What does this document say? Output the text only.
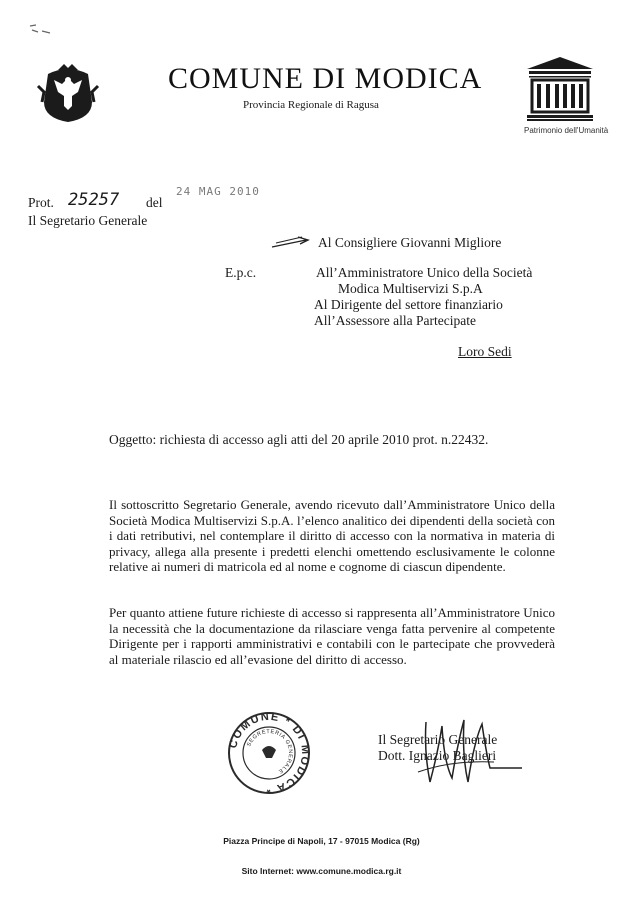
COMUNE DI MODICA
Provincia Regionale di Ragusa
Patrimonio dell'Umanità
Prot. 25257 del
24 MAG 2010
Il Segretario Generale
Al Consigliere Giovanni Migliore
E.p.c.	All’Amministratore Unico della Società
Modica Multiservizi S.p.A
Al Dirigente del settore finanziario
All’Assessore alla Partecipate
Loro Sedi
Oggetto: richiesta di accesso agli atti del 20 aprile 2010 prot. n.22432.
Il sottoscritto Segretario Generale, avendo ricevuto dall’Amministratore Unico della Società Modica Multiservizi S.p.A. l’elenco analitico dei dipendenti della società con i dati retributivi, nel contemplare il diritto di accesso con la normativa in materia di privacy, allega alla presente i predetti elenchi omettendo esclusivamente le colonne relative ai numeri di matricola ed al nome e cognome di ciascun dipendente.
Per quanto attiene future richieste di accesso si rappresenta all’Amministratore Unico la necessità che la documentazione da rilasciare venga fatta pervenire al competente Dirigente per i rapporti amministrativi e contabili con le partecipate che provvederà al materiale rilascio ed all’evasione del diritto di accesso.
COMUNE * DI MODICA *
SEGRETERIA GENERALE
Il Segretario Generale
Dott. Ignazio Baglieri
Piazza Principe di Napoli, 17 - 97015 Modica (Rg)
Sito Internet: www.comune.modica.rg.it
